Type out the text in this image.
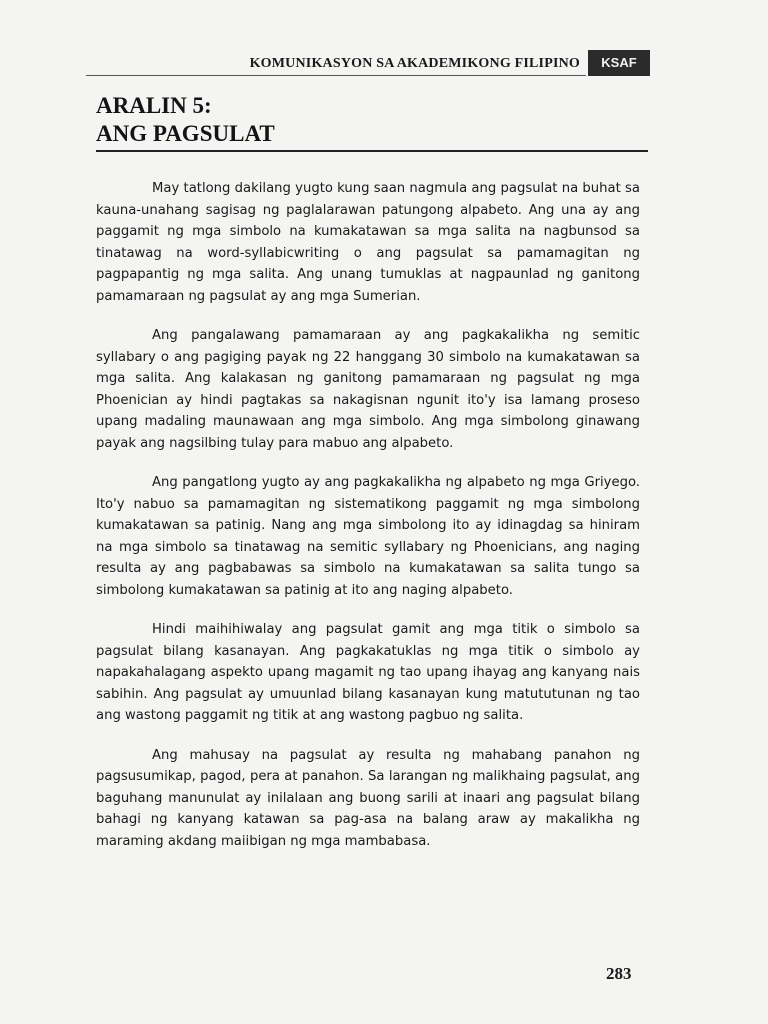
KOMUNIKASYON SA AKADEMIKONG FILIPINO	KSAF
ARALIN 5:
ANG PAGSULAT

May tatlong dakilang yugto kung saan nagmula ang pagsulat na buhat sa kauna-unahang sagisag ng paglalarawan patungong alpabeto. Ang una ay ang paggamit ng mga simbolo na kumakatawan sa mga salita na nagbunsod sa tinatawag na word-syllabicwriting o ang pagsulat sa pamamagitan ng pagpapantig ng mga salita. Ang unang tumuklas at nagpaunlad ng ganitong pamamaraan ng pagsulat ay ang mga Sumerian.

Ang pangalawang pamamaraan ay ang pagkakalikha ng semitic syllabary o ang pagiging payak ng 22 hanggang 30 simbolo na kumakatawan sa mga salita. Ang kalakasan ng ganitong pamamaraan ng pagsulat ng mga Phoenician ay hindi pagtakas sa nakagisnan ngunit ito'y isa lamang proseso upang madaling maunawaan ang mga simbolo. Ang mga simbolong ginawang payak ang nagsilbing tulay para mabuo ang alpabeto.

Ang pangatlong yugto ay ang pagkakalikha ng alpabeto ng mga Griyego. Ito'y nabuo sa pamamagitan ng sistematikong paggamit ng mga simbolong kumakatawan sa patinig. Nang ang mga simbolong ito ay idinagdag sa hiniram na mga simbolo sa tinatawag na semitic syllabary ng Phoenicians, ang naging resulta ay ang pagbabawas sa simbolo na kumakatawan sa salita tungo sa simbolong kumakatawan sa patinig at ito ang naging alpabeto.

Hindi maihihiwalay ang pagsulat gamit ang mga titik o simbolo sa pagsulat bilang kasanayan. Ang pagkakatuklas ng mga titik o simbolo ay napakahalagang aspekto upang magamit ng tao upang ihayag ang kanyang nais sabihin. Ang pagsulat ay umuunlad bilang kasanayan kung matututunan ng tao ang wastong paggamit ng titik at ang wastong pagbuo ng salita.

Ang mahusay na pagsulat ay resulta ng mahabang panahon ng pagsusumikap, pagod, pera at panahon. Sa larangan ng malikhaing pagsulat, ang baguhang manunulat ay inilalaan ang buong sarili at inaari ang pagsulat bilang bahagi ng kanyang katawan sa pag-asa na balang araw ay makalikha ng maraming akdang maiibigan ng mga mambabasa.

283
